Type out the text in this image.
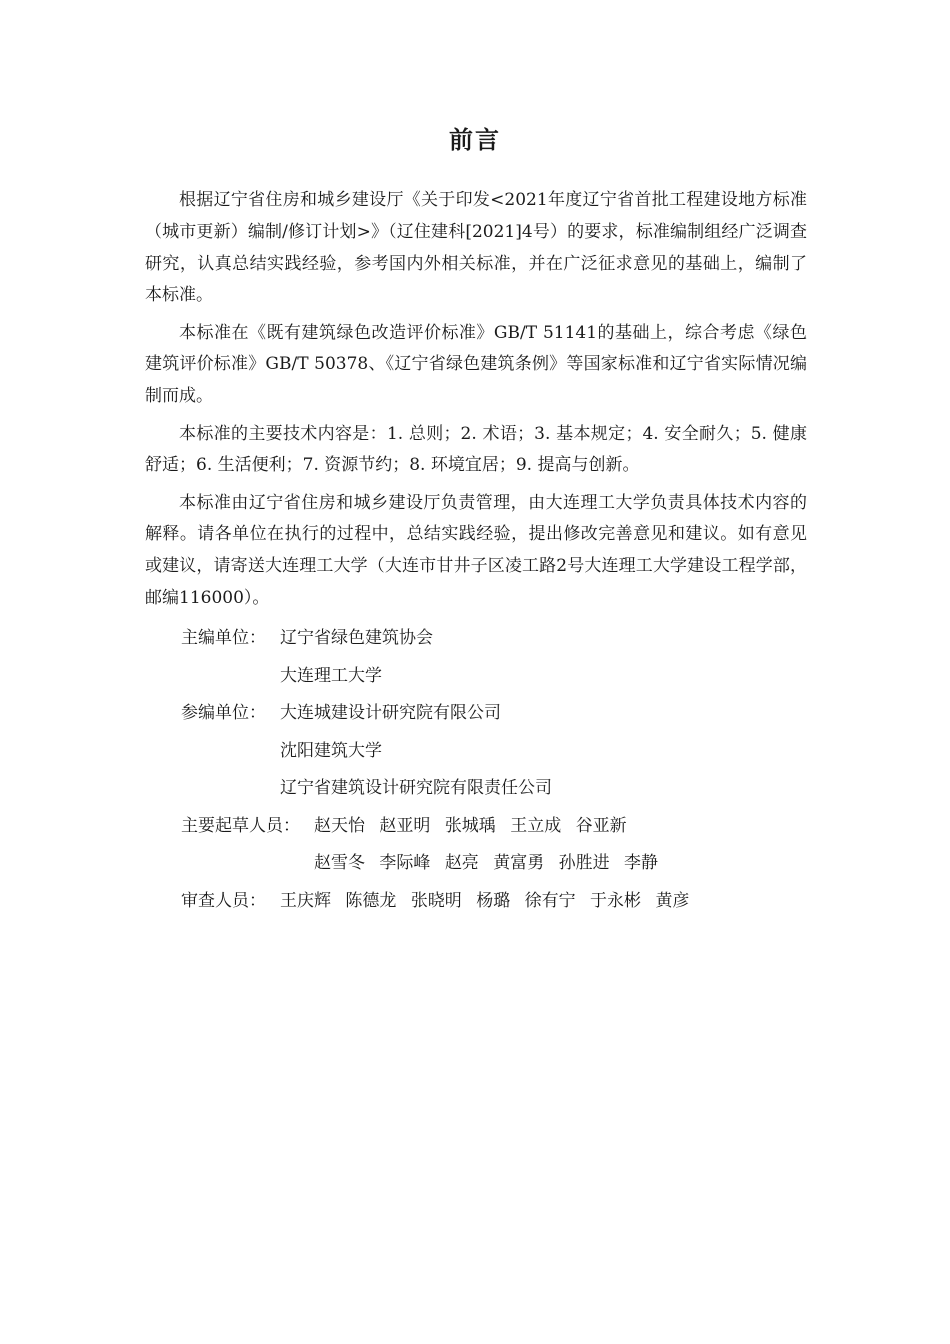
前言

根据辽宁省住房和城乡建设厅《关于印发<2021年度辽宁省首批工程建设地方标准（城市更新）编制/修订计划>》（辽住建科[2021]4号）的要求，标准编制组经广泛调查研究，认真总结实践经验，参考国内外相关标准，并在广泛征求意见的基础上，编制了本标准。

本标准在《既有建筑绿色改造评价标准》GB/T 51141的基础上，综合考虑《绿色建筑评价标准》GB/T 50378、《辽宁省绿色建筑条例》等国家标准和辽宁省实际情况编制而成。

本标准的主要技术内容是：1. 总则；2. 术语；3. 基本规定；4. 安全耐久；5. 健康舒适；6. 生活便利；7. 资源节约；8. 环境宜居；9. 提高与创新。

本标准由辽宁省住房和城乡建设厅负责管理，由大连理工大学负责具体技术内容的解释。请各单位在执行的过程中，总结实践经验，提出修改完善意见和建议。如有意见或建议，请寄送大连理工大学（大连市甘井子区凌工路2号大连理工大学建设工程学部，邮编116000）。

主编单位： 辽宁省绿色建筑协会
大连理工大学
参编单位： 大连城建设计研究院有限公司
沈阳建筑大学
辽宁省建筑设计研究院有限责任公司
主要起草人员： 赵天怡 赵亚明 张城瑀 王立成 谷亚新
赵雪冬 李际峰 赵亮 黄富勇 孙胜进 李静
审查人员： 王庆辉 陈德龙 张晓明 杨璐 徐有宁 于永彬 黄彦
